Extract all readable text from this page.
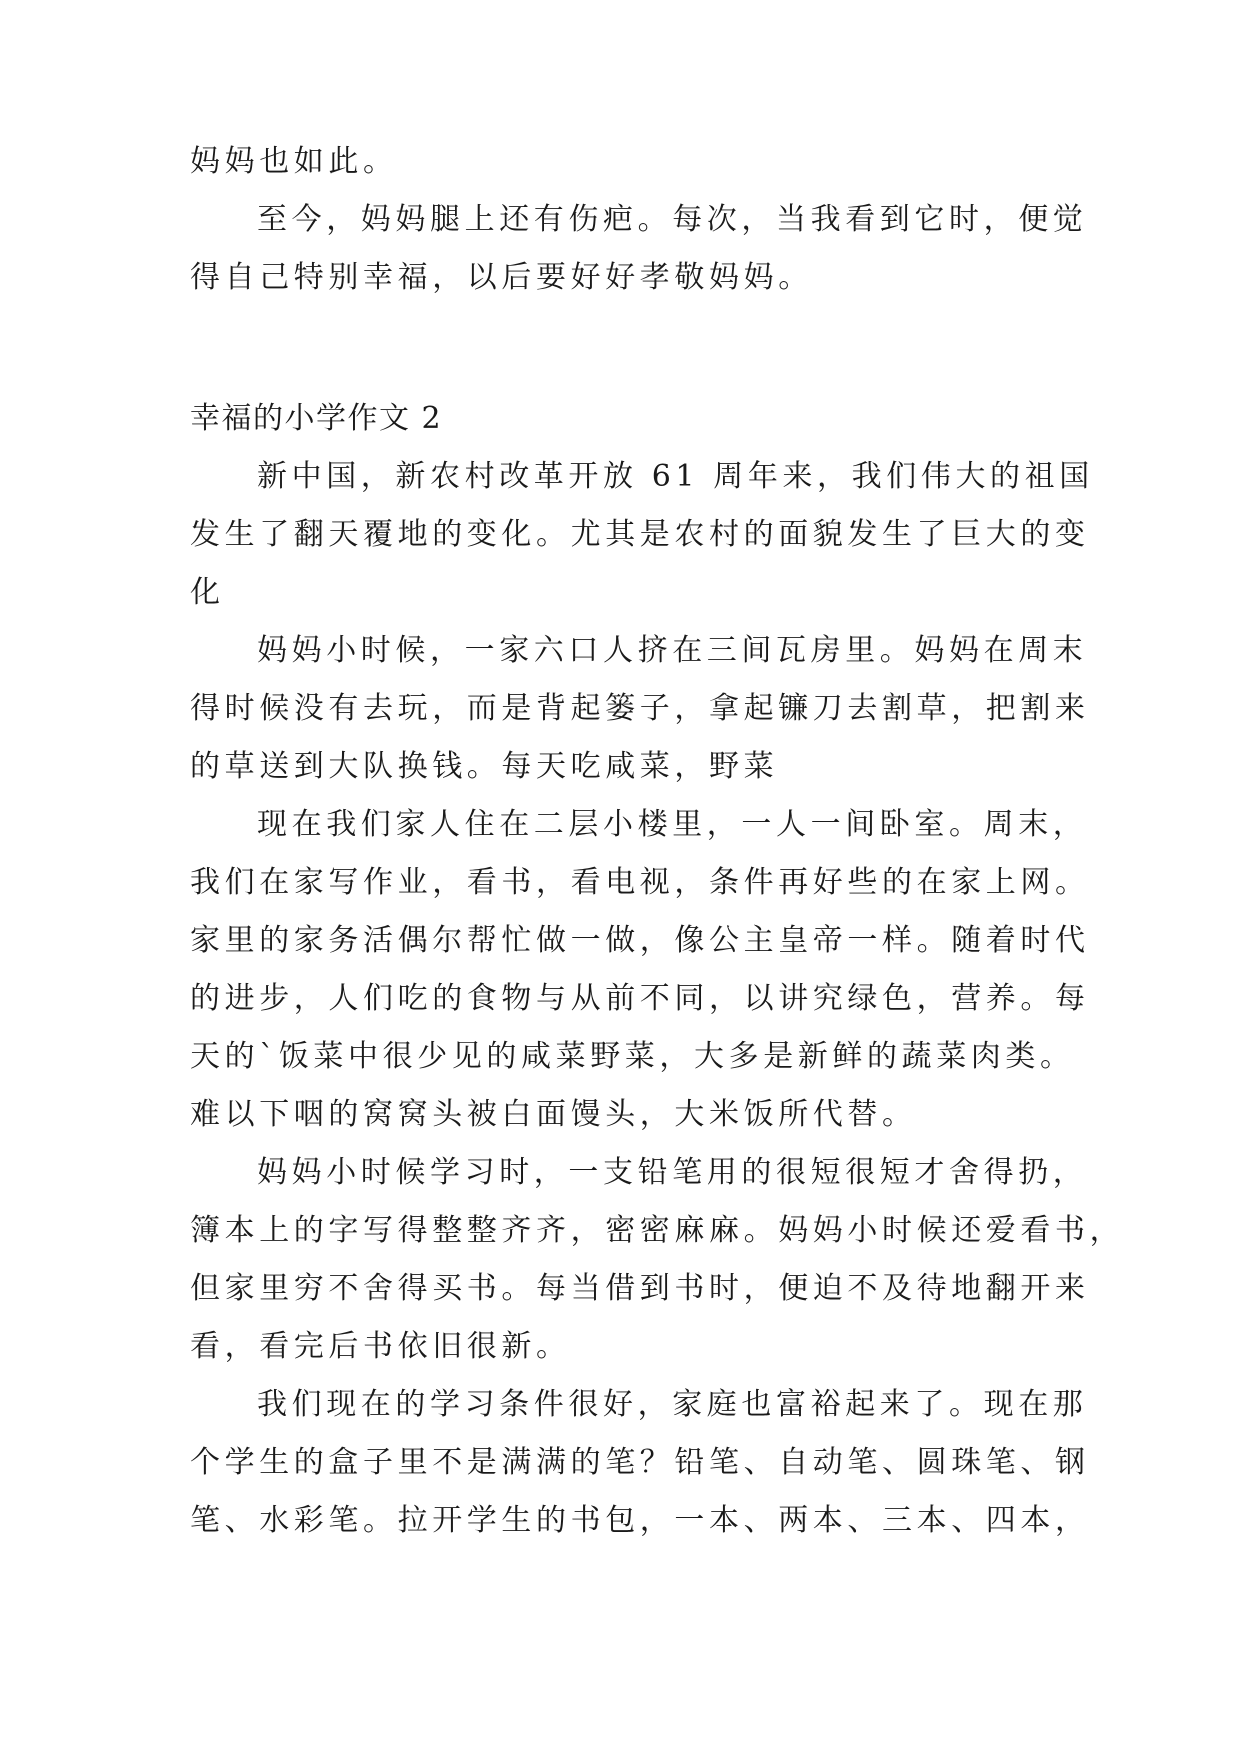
妈妈也如此。
至今，妈妈腿上还有伤疤。每次，当我看到它时，便觉
得自己特别幸福，以后要好好孝敬妈妈。
幸福的小学作文 2
新中国，新农村改革开放 61 周年来，我们伟大的祖国
发生了翻天覆地的变化。尤其是农村的面貌发生了巨大的变
化
妈妈小时候，一家六口人挤在三间瓦房里。妈妈在周末
得时候没有去玩，而是背起篓子，拿起镰刀去割草，把割来
的草送到大队换钱。每天吃咸菜，野菜
现在我们家人住在二层小楼里，一人一间卧室。周末，
我们在家写作业，看书，看电视，条件再好些的在家上网。
家里的家务活偶尔帮忙做一做，像公主皇帝一样。随着时代
的进步，人们吃的食物与从前不同，以讲究绿色，营养。每
天的`饭菜中很少见的咸菜野菜，大多是新鲜的蔬菜肉类。
难以下咽的窝窝头被白面馒头，大米饭所代替。
妈妈小时候学习时，一支铅笔用的很短很短才舍得扔，
簿本上的字写得整整齐齐，密密麻麻。妈妈小时候还爱看书，
但家里穷不舍得买书。每当借到书时，便迫不及待地翻开来
看，看完后书依旧很新。
我们现在的学习条件很好，家庭也富裕起来了。现在那
个学生的盒子里不是满满的笔？铅笔、自动笔、圆珠笔、钢
笔、水彩笔。拉开学生的书包，一本、两本、三本、四本，
